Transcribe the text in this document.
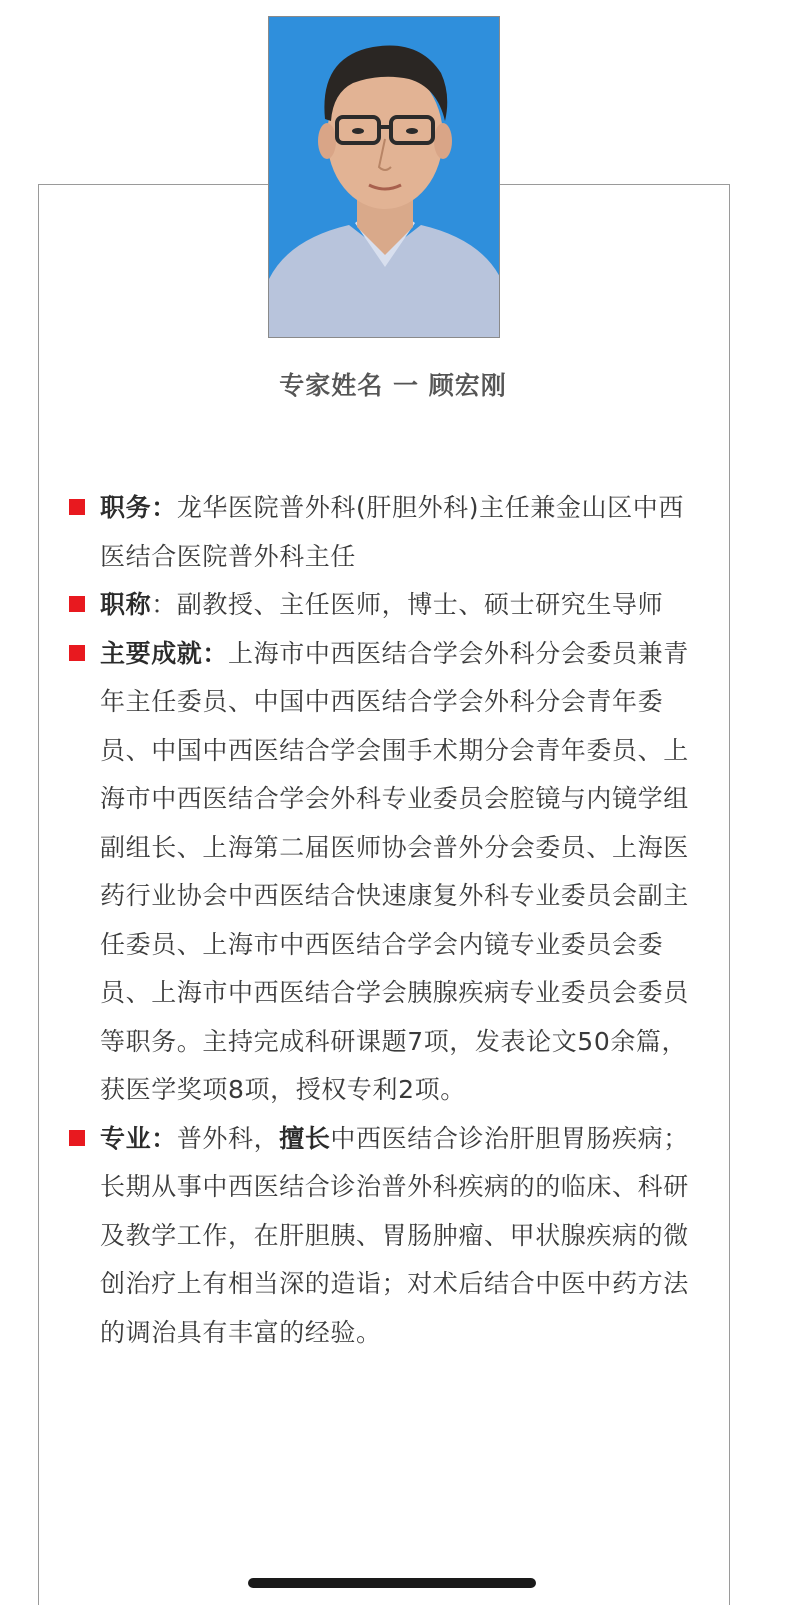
专家姓名 一 顾宏刚
职务：龙华医院普外科(肝胆外科)主任兼金山区中西医结合医院普外科主任
职称：副教授、主任医师，博士、硕士研究生导师
主要成就：上海市中西医结合学会外科分会委员兼青年主任委员、中国中西医结合学会外科分会青年委员、中国中西医结合学会围手术期分会青年委员、上海市中西医结合学会外科专业委员会腔镜与内镜学组副组长、上海第二届医师协会普外分会委员、上海医药行业协会中西医结合快速康复外科专业委员会副主任委员、上海市中西医结合学会内镜专业委员会委员、上海市中西医结合学会胰腺疾病专业委员会委员等职务。主持完成科研课题7项，发表论文50余篇，获医学奖项8项，授权专利2项。
专业：普外科，擅长中西医结合诊治肝胆胃肠疾病；长期从事中西医结合诊治普外科疾病的的临床、科研及教学工作，在肝胆胰、胃肠肿瘤、甲状腺疾病的微创治疗上有相当深的造诣；对术后结合中医中药方法的调治具有丰富的经验。
